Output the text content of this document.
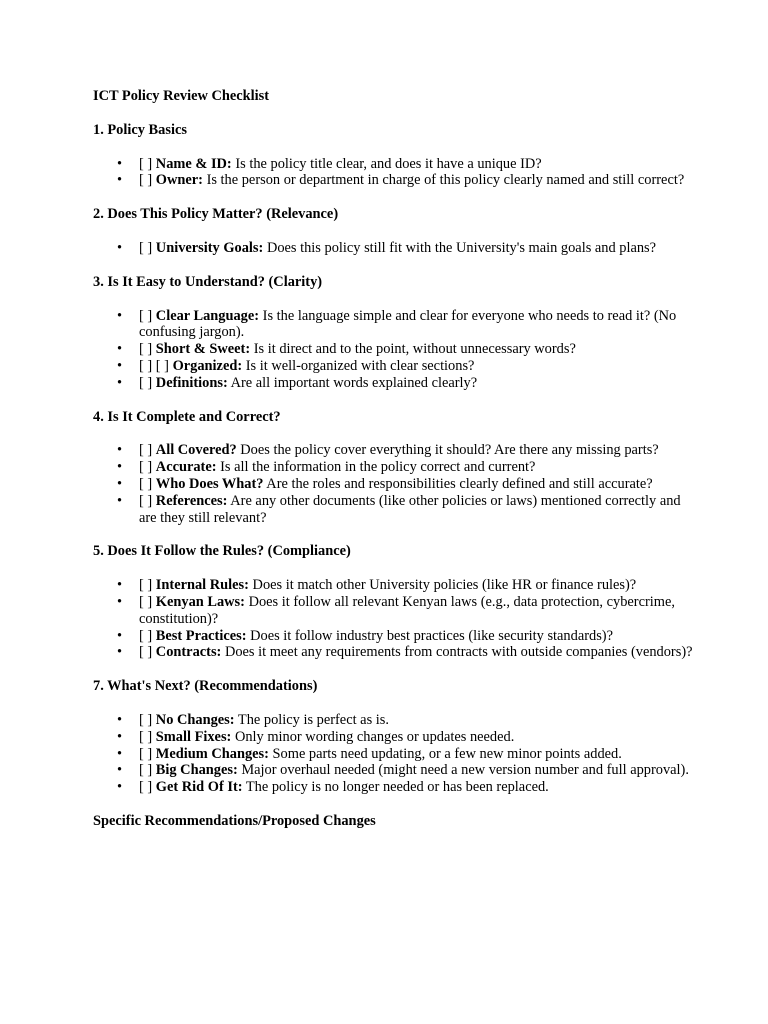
ICT Policy Review Checklist

1. Policy Basics

• [ ] Name & ID: Is the policy title clear, and does it have a unique ID?
• [ ] Owner: Is the person or department in charge of this policy clearly named and still correct?

2. Does This Policy Matter? (Relevance)

• [ ] University Goals: Does this policy still fit with the University's main goals and plans?

3. Is It Easy to Understand? (Clarity)

• [ ] Clear Language: Is the language simple and clear for everyone who needs to read it? (No confusing jargon).
• [ ] Short & Sweet: Is it direct and to the point, without unnecessary words?
• [ ] [ ] Organized: Is it well-organized with clear sections?
• [ ] Definitions: Are all important words explained clearly?

4. Is It Complete and Correct?

• [ ] All Covered? Does the policy cover everything it should? Are there any missing parts?
• [ ] Accurate: Is all the information in the policy correct and current?
• [ ] Who Does What? Are the roles and responsibilities clearly defined and still accurate?
• [ ] References: Are any other documents (like other policies or laws) mentioned correctly and are they still relevant?

5. Does It Follow the Rules? (Compliance)

• [ ] Internal Rules: Does it match other University policies (like HR or finance rules)?
• [ ] Kenyan Laws: Does it follow all relevant Kenyan laws (e.g., data protection, cybercrime, constitution)?
• [ ] Best Practices: Does it follow industry best practices (like security standards)?
• [ ] Contracts: Does it meet any requirements from contracts with outside companies (vendors)?

7. What's Next? (Recommendations)

• [ ] No Changes: The policy is perfect as is.
• [ ] Small Fixes: Only minor wording changes or updates needed.
• [ ] Medium Changes: Some parts need updating, or a few new minor points added.
• [ ] Big Changes: Major overhaul needed (might need a new version number and full approval).
• [ ] Get Rid Of It: The policy is no longer needed or has been replaced.

Specific Recommendations/Proposed Changes
